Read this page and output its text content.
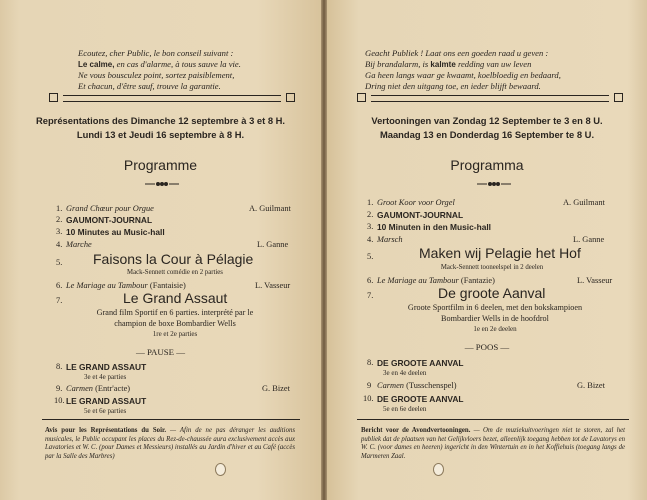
Ecoutez, cher Public, le bon conseil suivant :
Le calme, en cas d'alarme, à tous sauve la vie.
Ne vous bousculez point, sortez paisiblement,
Et chacun, d'être sauf, trouve la garantie.
Représentations des Dimanche 12 septembre à 3 et 8 H.
Lundi 13 et Jeudi 16 septembre à 8 H.
Programme
1. Grand Chœur pour Orgue	A. Guilmant
2. GAUMONT-JOURNAL
3. 10 Minutes au Music-hall
4. Marche	L. Ganne
5. Faisons la Cour à Pélagie
Mack-Sennett comédie en 2 parties
6. Le Mariage au Tambour (Fantaisie)	L. Vasseur
7.	Le Grand Assaut
Grand film Sportif en 6 parties. interprété par le
champion de boxe Bombardier Wells
1re et 2e parties
— PAUSE —
8. LE GRAND ASSAUT
3e et 4e parties
9. Carmen (Entr'acte)	G. Bizet
10. LE GRAND ASSAUT
5e et 6e parties
Avis pour les Représentations du Soir. — Afin de ne pas déranger les auditions musicales, le Public occupant les places du Rez-de-chaussée aura exclusivement accès aux Lavatories et W. C. (pour Dames et Messieurs) installés au Jardin d'hiver et au Café (accès par la Salle des Marbres)
Geacht Publiek ! Laat ons een goeden raad u geven :
Bij brandalarm, is kalmte redding van uw leven
Ga heen langs waar ge kwaamt, koelbloedig en bedaard,
Dring niet den uitgang toe, en ieder blijft bewaard.
Vertooningen van Zondag 12 September te 3 en 8 U.
Maandag 13 en Donderdag 16 September te 8 U.
Programma
1. Groot Koor voor Orgel	A. Guilmant
2. GAUMONT-JOURNAL
3. 10 Minuten in den Music-hall
4. Marsch	L. Ganne
5.	Maken wij Pelagie het Hof
Mack-Sennett tooneelspel in 2 deelen
6. Le Mariage au Tambour (Fantazie)	L. Vasseur
7.	De groote Aanval
Groote Sportfilm in 6 deelen, met den bokskampioen
Bombardier Wells in de hoofdrol
1e en 2e deelen
— POOS —
8. DE GROOTE AANVAL
3e en 4e deelen
9 Carmen (Tusschenspel)	G. Bizet
10. DE GROOTE AANVAL
5e en 6e deelen
Bericht voor de Avondvertooningen. — Om de muziekuitvoeringen niet te storen, zal het publiek dat de plaatsen van het Gelijkvloers bezet, alleenlijk toegang hebben tot de Lavatorys en W. C. (voor dames en heeren) ingericht in den Wintertuin en in het Koffiehuis (toegang langs de Marmeren Zaal.
